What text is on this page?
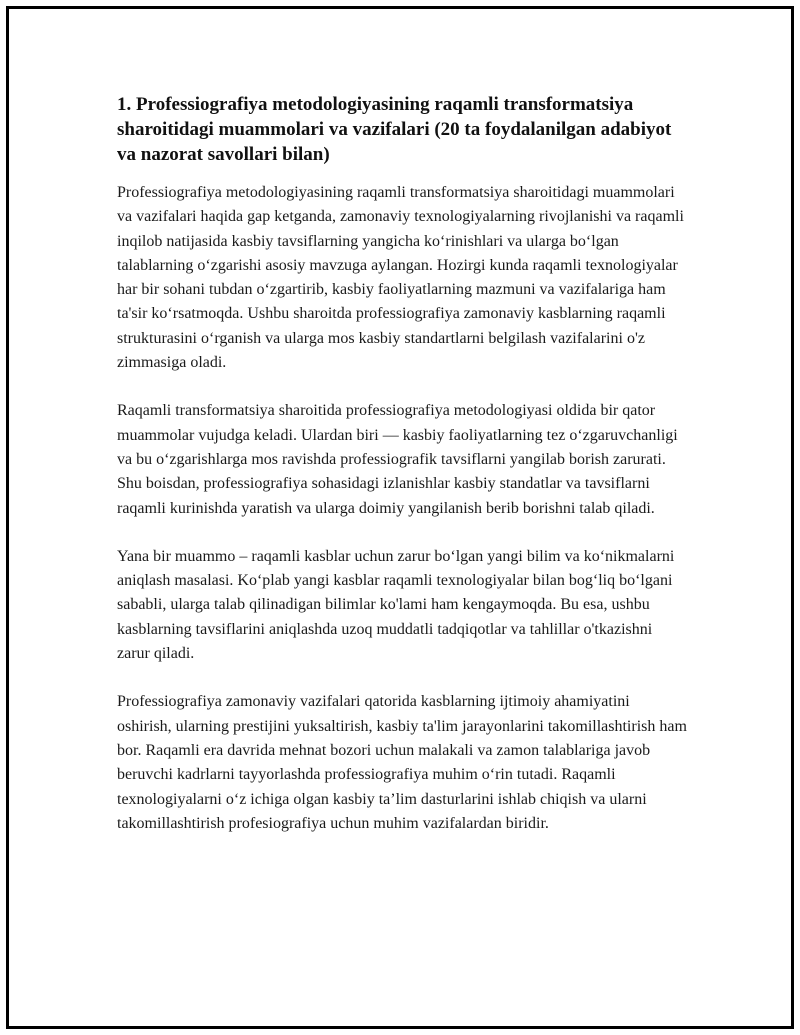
1. Professiografiya metodologiyasining raqamli transformatsiya sharoitidagi muammolari va vazifalari (20 ta foydalanilgan adabiyot va nazorat savollari bilan)

Professiografiya metodologiyasining raqamli transformatsiya sharoitidagi muammolari va vazifalari haqida gap ketganda, zamonaviy texnologiyalarning rivojlanishi va raqamli inqilob natijasida kasbiy tavsiflarning yangicha koʻrinishlari va ularga boʻlgan talablarning oʻzgarishi asosiy mavzuga aylangan. Hozirgi kunda raqamli texnologiyalar har bir sohani tubdan oʻzgartirib, kasbiy faoliyatlarning mazmuni va vazifalariga ham ta'sir koʻrsatmoqda. Ushbu sharoitda professiografiya zamonaviy kasblarning raqamli strukturasini oʻrganish va ularga mos kasbiy standartlarni belgilash vazifalarini o'z zimmasiga oladi.

Raqamli transformatsiya sharoitida professiografiya metodologiyasi oldida bir qator muammolar vujudga keladi. Ulardan biri — kasbiy faoliyatlarning tez oʻzgaruvchanligi va bu oʻzgarishlarga mos ravishda professiografik tavsiflarni yangilab borish zarurati. Shu boisdan, professiografiya sohasidagi izlanishlar kasbiy standatlar va tavsiflarni raqamli kurinishda yaratish va ularga doimiy yangilanish berib borishni talab qiladi.

Yana bir muammo – raqamli kasblar uchun zarur boʻlgan yangi bilim va koʻnikmalarni aniqlash masalasi. Koʻplab yangi kasblar raqamli texnologiyalar bilan bogʻliq boʻlgani sababli, ularga talab qilinadigan bilimlar ko'lami ham kengaymoqda. Bu esa, ushbu kasblarning tavsiflarini aniqlashda uzoq muddatli tadqiqotlar va tahlillar o'tkazishni zarur qiladi.

Professiografiya zamonaviy vazifalari qatorida kasblarning ijtimoiy ahamiyatini oshirish, ularning prestijini yuksaltirish, kasbiy ta'lim jarayonlarini takomillashtirish ham bor. Raqamli era davrida mehnat bozori uchun malakali va zamon talablariga javob beruvchi kadrlarni tayyorlashda professiografiya muhim oʻrin tutadi. Raqamli texnologiyalarni oʻz ichiga olgan kasbiy ta’lim dasturlarini ishlab chiqish va ularni takomillashtirish profesiografiya uchun muhim vazifalardan biridir.
